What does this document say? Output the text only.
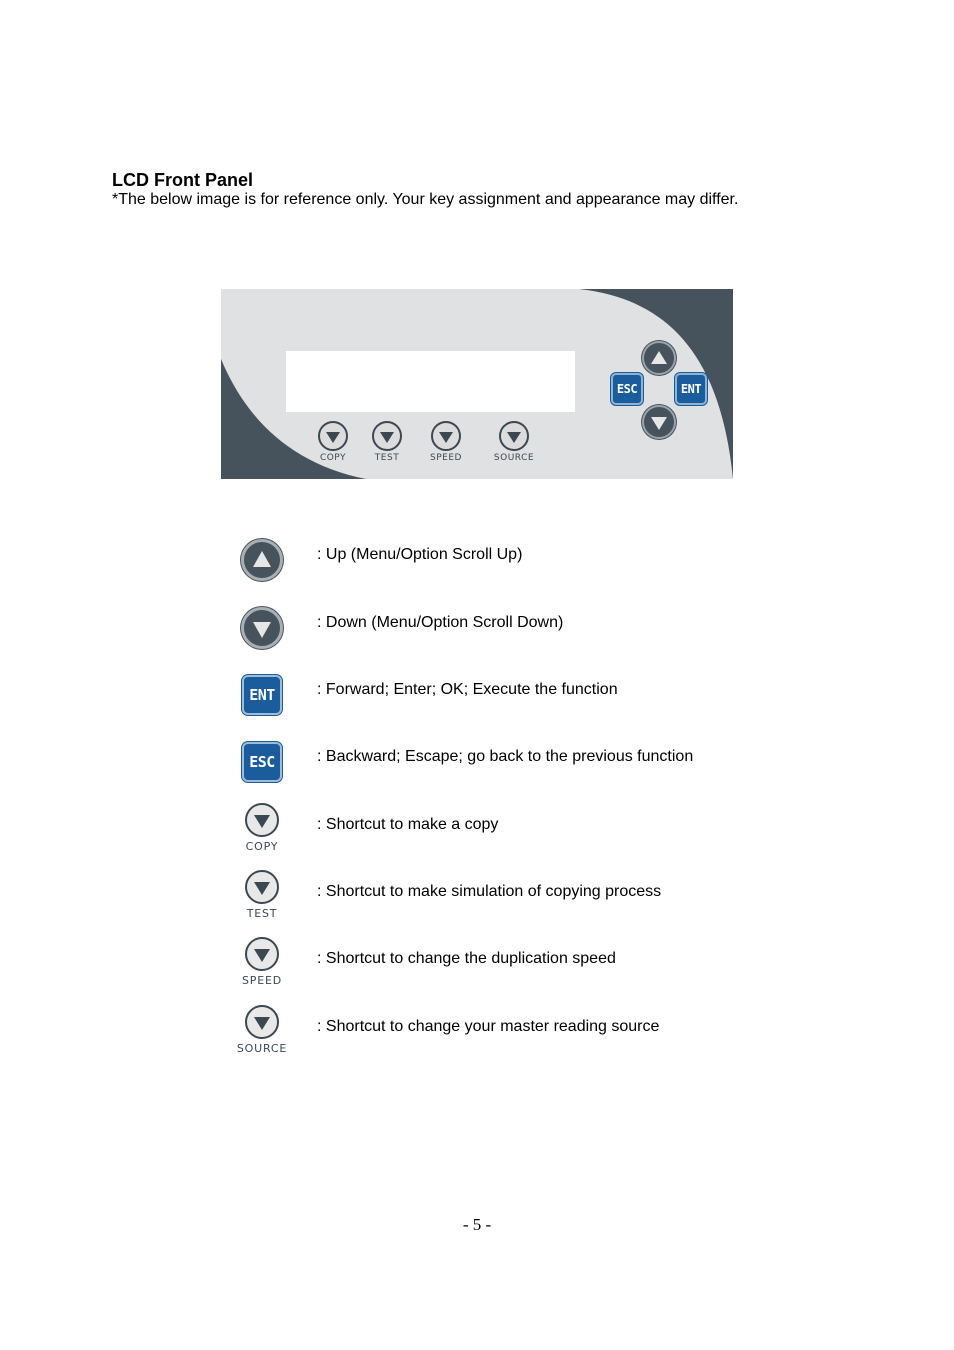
LCD Front Panel
*The below image is for reference only. Your key assignment and appearance may differ.
COPY	TEST	SPEED	SOURCE
ESC	ENT
: Up (Menu/Option Scroll Up)
: Down (Menu/Option Scroll Down)
ENT	: Forward; Enter; OK; Execute the function
ESC	: Backward; Escape; go back to the previous function
COPY
: Shortcut to make a copy
TEST
: Shortcut to make simulation of copying process
SPEED
: Shortcut to change the duplication speed
SOURCE
: Shortcut to change your master reading source
- 5 -
